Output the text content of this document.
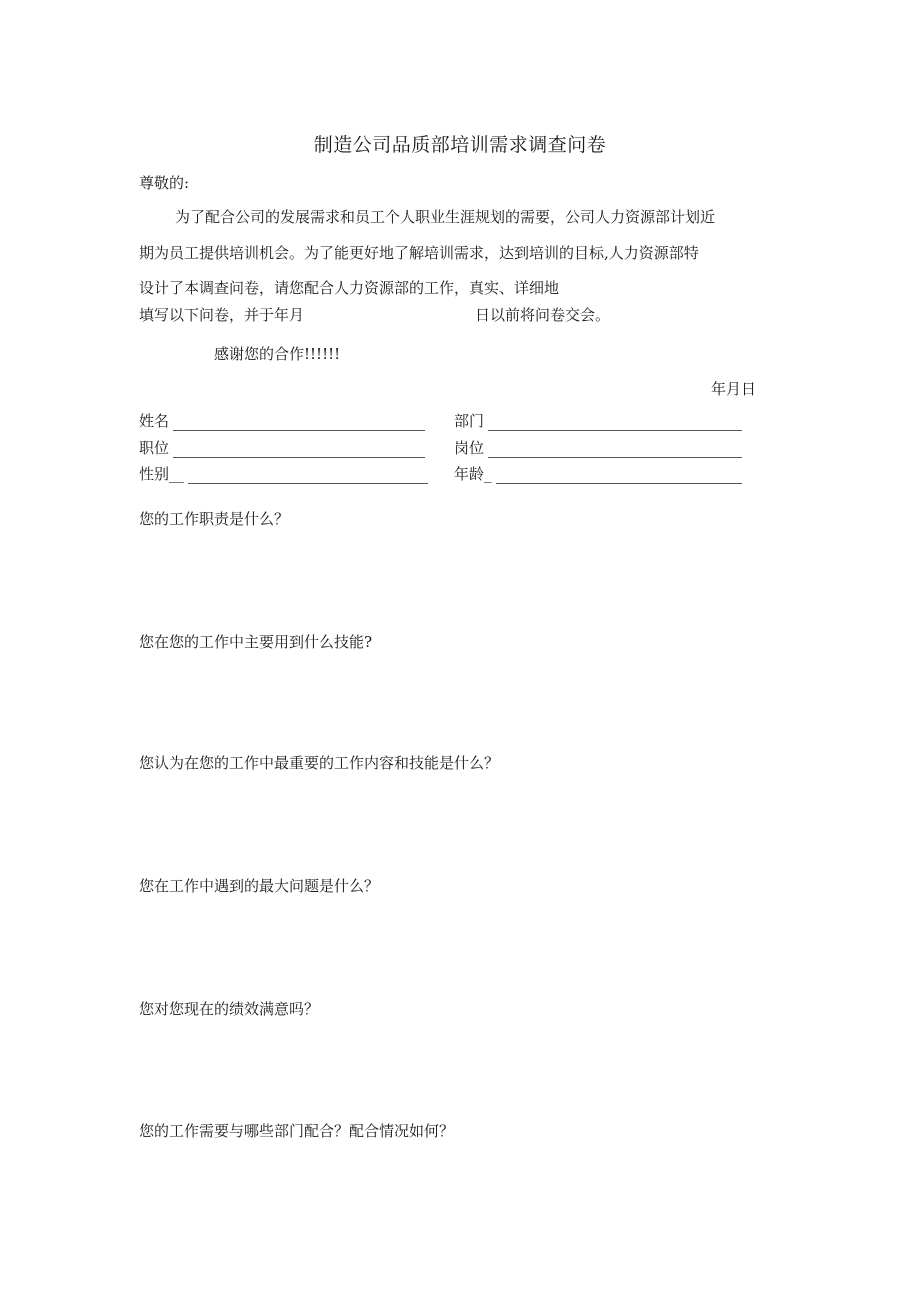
制造公司品质部培训需求调查问卷
尊敬的:
为了配合公司的发展需求和员工个人职业生涯规划的需要，公司人力资源部计划近
期为员工提供培训机会。为了能更好地了解培训需求，达到培训的目标,人力资源部特
设计了本调查问卷，请您配合人力资源部的工作，真实、详细地
填写以下问卷，并于年月	日以前将问卷交会。
感谢您的合作!!!!!!
年月日
姓名	部门
职位	岗位
性别__	年龄_
您的工作职责是什么？
您在您的工作中主要用到什么技能?
您认为在您的工作中最重要的工作内容和技能是什么？
您在工作中遇到的最大问题是什么？
您对您现在的绩效满意吗？
您的工作需要与哪些部门配合？配合情况如何？
